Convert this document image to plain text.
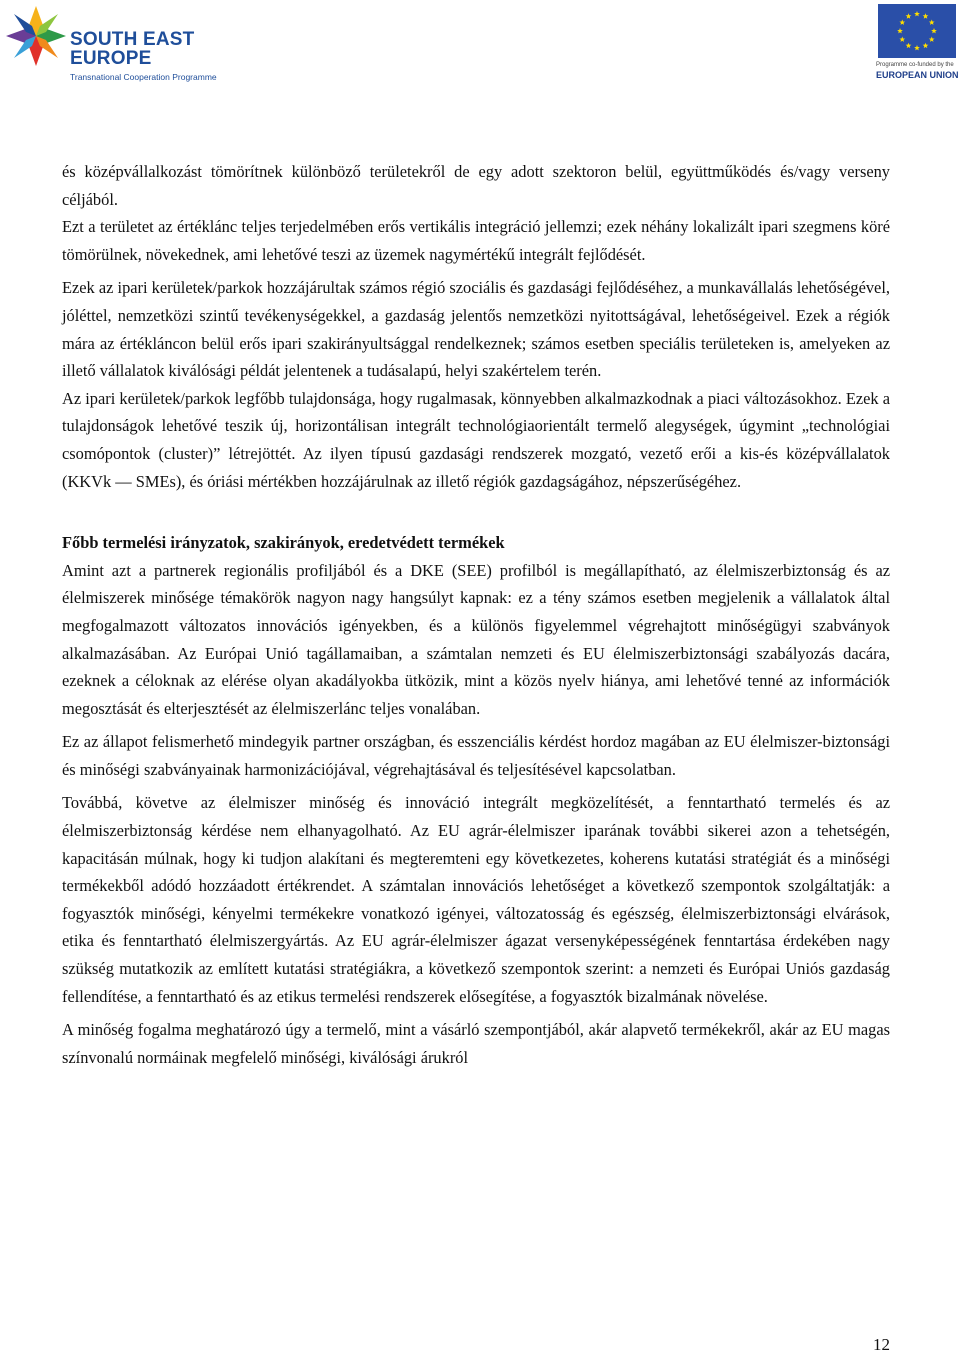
SOUTH EAST
EUROPE
Transnational Cooperation Programme
Programme co-funded by the
EUROPEAN UNION

és középvállalkozást tömörítnek különböző területekről de egy adott szektoron belül, együttműködés és/vagy verseny céljából.

Ezt a területet az értéklánc teljes terjedelmében erős vertikális integráció jellemzi; ezek néhány lokalizált ipari szegmens köré tömörülnek, növekednek, ami lehetővé teszi az üzemek nagymértékű integrált fejlődését.

Ezek az ipari kerületek/parkok hozzájárultak számos régió szociális és gazdasági fejlődéséhez, a munkavállalás lehetőségével, jóléttel, nemzetközi szintű tevékenységekkel, a gazdaság jelentős nemzetközi nyitottságával, lehetőségeivel. Ezek a régiók mára az értékláncon belül erős ipari szakirányultsággal rendelkeznek; számos esetben speciális területeken is, amelyeken az illető vállalatok kiválósági példát jelentenek a tudásalapú, helyi szakértelem terén.

Az ipari kerületek/parkok legfőbb tulajdonsága, hogy rugalmasak, könnyebben alkalmazkodnak a piaci változásokhoz. Ezek a tulajdonságok lehetővé teszik új, horizontálisan integrált technológiaorientált termelő alegységek, úgymint „technológiai csomópontok (cluster)” létrejöttét. Az ilyen típusú gazdasági rendszerek mozgató, vezető erői a kis-és középvállalatok (KKVk — SMEs), és óriási mértékben hozzájárulnak az illető régiók gazdagságához, népszerűségéhez.

Főbb termelési irányzatok, szakirányok, eredetvédett termékek

Amint azt a partnerek regionális profiljából és a DKE (SEE) profilból is megállapítható, az élelmiszerbiztonság és az élelmiszerek minősége témakörök nagyon nagy hangsúlyt kapnak: ez a tény számos esetben megjelenik a vállalatok által megfogalmazott változatos innovációs igényekben, és a különös figyelemmel végrehajtott minőségügyi szabványok alkalmazásában. Az Európai Unió tagállamaiban, a számtalan nemzeti és EU élelmiszerbiztonsági szabályozás dacára, ezeknek a céloknak az elérése olyan akadályokba ütközik, mint a közös nyelv hiánya, ami lehetővé tenné az információk megosztását és elterjesztését az élelmiszerlánc teljes vonalában.

Ez az állapot felismerhető mindegyik partner országban, és esszenciális kérdést hordoz magában az EU élelmiszer-biztonsági és minőségi szabványainak harmonizációjával, végrehajtásával és teljesítésével kapcsolatban.

Továbbá, követve az élelmiszer minőség és innováció integrált megközelítését, a fenntartható termelés és az élelmiszerbiztonság kérdése nem elhanyagolható. Az EU agrár-élelmiszer iparának további sikerei azon a tehetségén, kapacitásán múlnak, hogy ki tudjon alakítani és megteremteni egy következetes, koherens kutatási stratégiát és a minőségi termékekből adódó hozzáadott értékrendet. A számtalan innovációs lehetőséget a következő szempontok szolgáltatják: a fogyasztók minőségi, kényelmi termékekre vonatkozó igényei, változatosság és egészség, élelmiszerbiztonsági elvárások, etika és fenntartható élelmiszergyártás. Az EU agrár-élelmiszer ágazat versenyképességének fenntartása érdekében nagy szükség mutatkozik az említett kutatási stratégiákra, a következő szempontok szerint: a nemzeti és Európai Uniós gazdaság fellendítése, a fenntartható és az etikus termelési rendszerek elősegítése, a fogyasztók bizalmának növelése.

A minőség fogalma meghatározó úgy a termelő, mint a vásárló szempontjából, akár alapvető termékekről, akár az EU magas színvonalú normáinak megfelelő minőségi, kiválósági árukról

12
